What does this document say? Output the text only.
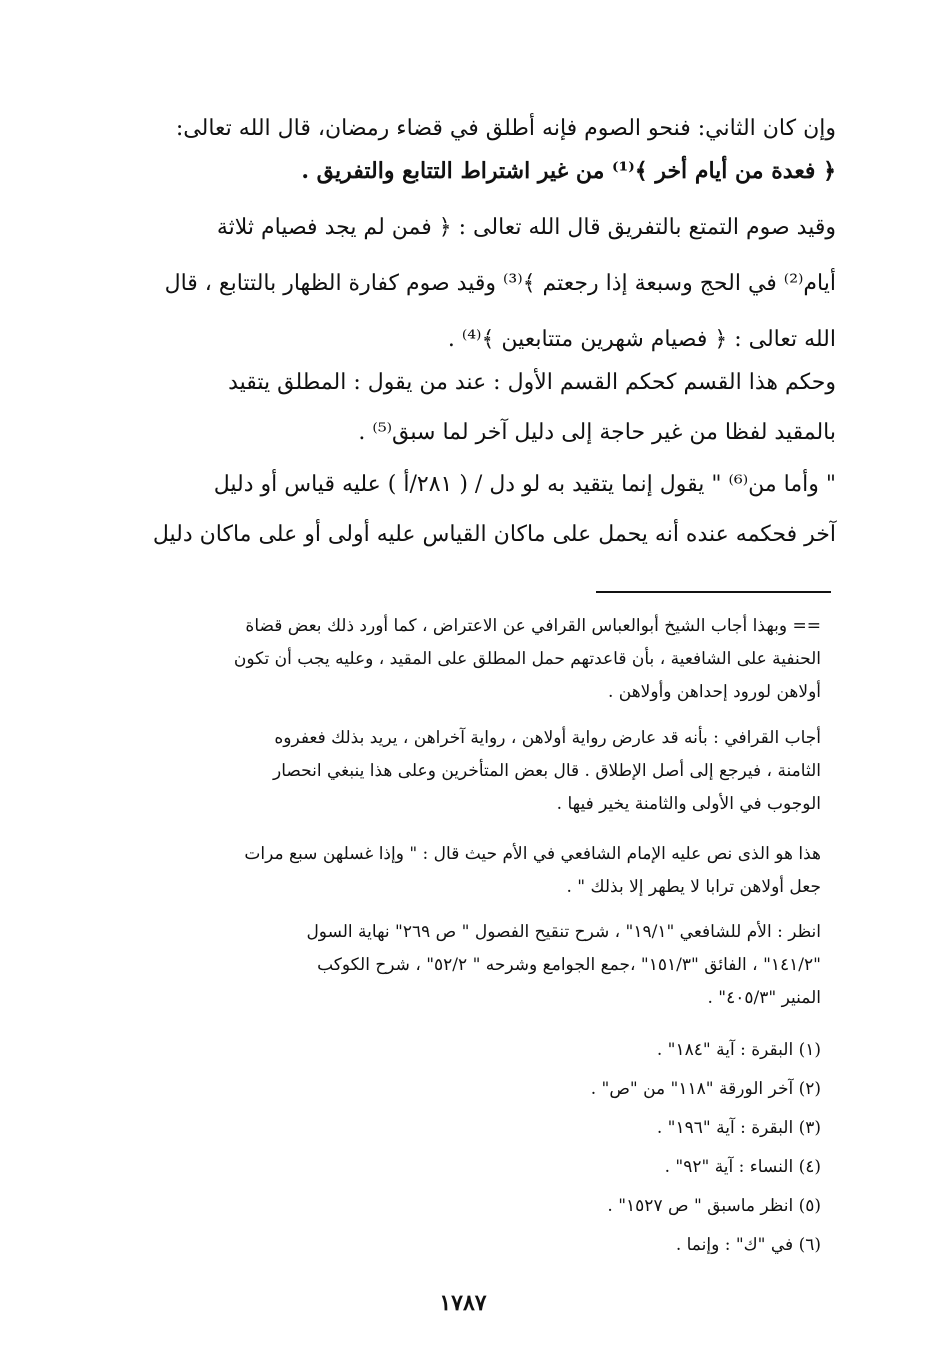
وإن كان الثاني: فنحو الصوم فإنه أطلق في قضاء رمضان، قال الله تعالى:
﴿ فعدة من أيام أخر ﴾⁽¹⁾ من غير اشتراط التتابع والتفريق .
وقيد صوم التمتع بالتفريق قال الله تعالى : ﴿ فمن لم يجد فصيام ثلاثة
أيام⁽²⁾ في الحج وسبعة إذا رجعتم ﴾⁽³⁾ وقيد صوم كفارة الظهار بالتتابع ، قال
الله تعالى : ﴿ فصيام شهرين متتابعين ﴾⁽⁴⁾ .
وحكم هذا القسم كحكم القسم الأول : عند من يقول : المطلق يتقيد
بالمقيد لفظا من غير حاجة إلى دليل آخر لما سبق⁽⁵⁾ .
" وأما من⁽⁶⁾ " يقول إنما يتقيد به لو دل / ( ٢٨١/أ ) عليه قياس أو دليل
آخر فحكمه عنده أنه يحمل على ماكان القياس عليه أولى أو على ماكان دليل
== وبهذا أجاب الشيخ أبوالعباس القرافي عن الاعتراض ، كما أورد ذلك بعض قضاة
الحنفية على الشافعية ، بأن قاعدتهم حمل المطلق على المقيد ، وعليه يجب أن تكون
أولاهن لورود إحداهن وأولاهن .
أجاب القرافي : بأنه قد عارض رواية أولاهن ، رواية آخراهن ، يريد بذلك فعفروه
الثامنة ، فيرجع إلى أصل الإطلاق . قال بعض المتأخرين وعلى هذا ينبغي انحصار
الوجوب في الأولى والثامنة يخير فيها .
هذا هو الذى نص عليه الإمام الشافعي في الأم حيث قال : " وإذا غسلهن سبع مرات
جعل أولاهن ترابا لا يطهر إلا بذلك " .
انظر : الأم للشافعي "١٩/١" ، شرح تنقيح الفصول " ص ٢٦٩" نهاية السول
"١٤١/٢" ، الفائق "١٥١/٣" ،جمع الجوامع وشرحه " ٥٢/٢" ، شرح الكوكب
المنير "٤٠٥/٣" .
(١) البقرة : آية "١٨٤" .
(٢) آخر الورقة "١١٨" من "ص" .
(٣) البقرة : آية "١٩٦" .
(٤) النساء : آية "٩٢" .
(٥) انظر ماسبق " ص ١٥٢٧" .
(٦) في "ك" : وإنما .
١٧٨٧
